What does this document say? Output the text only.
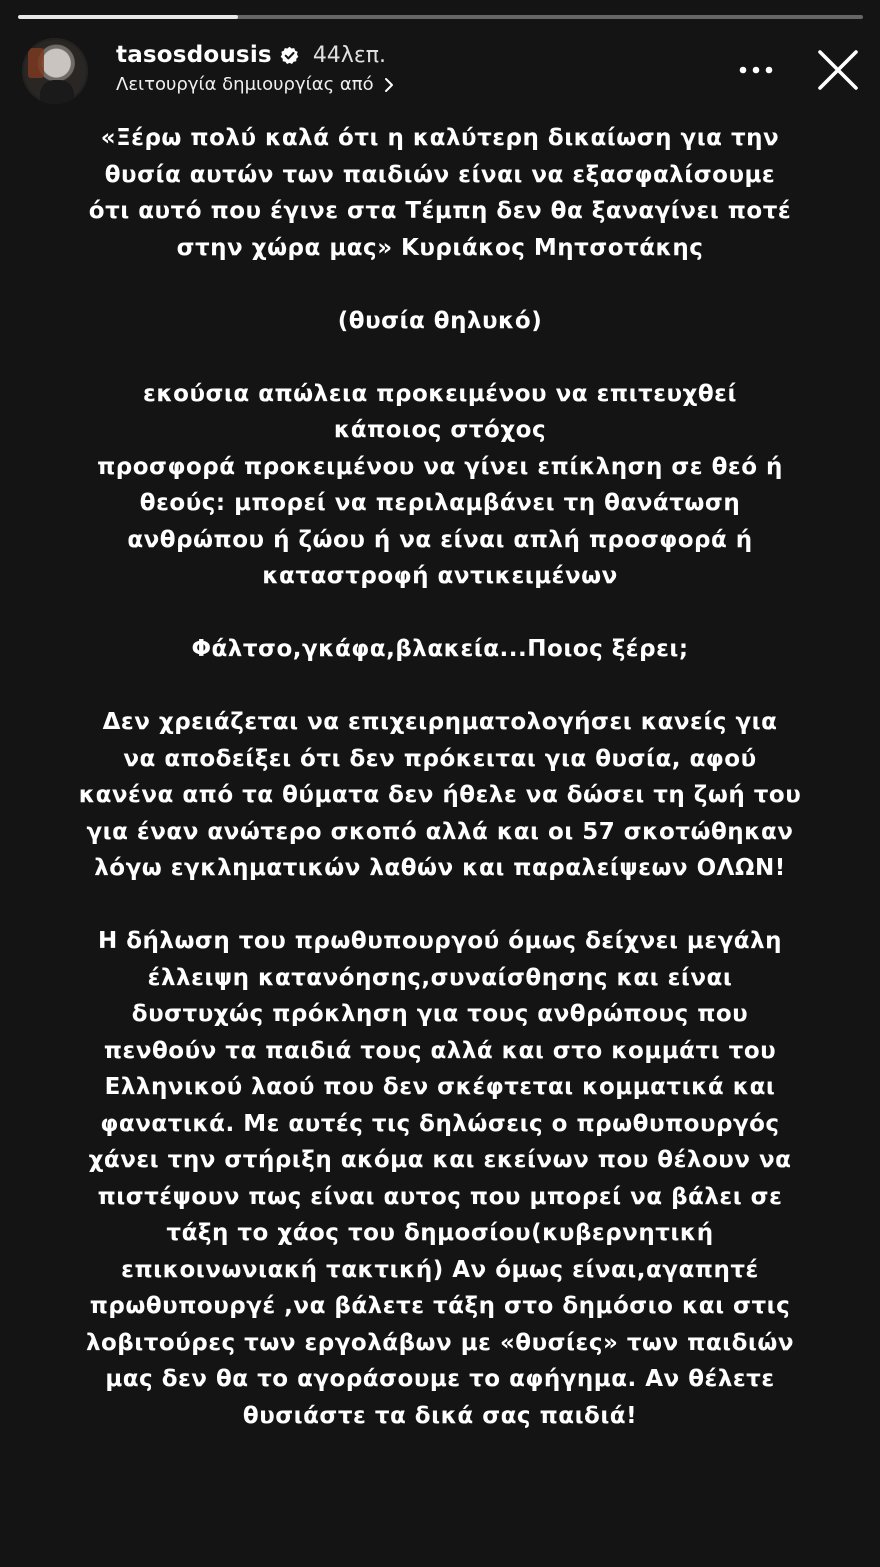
tasosdousis 44λεπ.
Λειτουργία δημιουργίας από

«Ξέρω πολύ καλά ότι η καλύτερη δικαίωση για την

θυσία αυτών των παιδιών είναι να εξασφαλίσουμε

ότι αυτό που έγινε στα Τέμπη δεν θα ξαναγίνει ποτέ

στην χώρα μας» Κυριάκος Μητσοτάκης

(θυσία θηλυκό)

εκούσια απώλεια προκειμένου να επιτευχθεί

κάποιος στόχος

προσφορά προκειμένου να γίνει επίκληση σε θεό ή

θεούς: μπορεί να περιλαμβάνει τη θανάτωση

ανθρώπου ή ζώου ή να είναι απλή προσφορά ή

καταστροφή αντικειμένων

Φάλτσο,γκάφα,βλακεία...Ποιος ξέρει;

Δεν χρειάζεται να επιχειρηματολογήσει κανείς για

να αποδείξει ότι δεν πρόκειται για θυσία, αφού

κανένα από τα θύματα δεν ήθελε να δώσει τη ζωή του

για έναν ανώτερο σκοπό αλλά και οι 57 σκοτώθηκαν

λόγω εγκληματικών λαθών και παραλείψεων ΟΛΩΝ!

Η δήλωση του πρωθυπουργού όμως δείχνει μεγάλη

έλλειψη κατανόησης,συναίσθησης και είναι

δυστυχώς πρόκληση για τους ανθρώπους που

πενθούν τα παιδιά τους αλλά και στο κομμάτι του

Ελληνικού λαού που δεν σκέφτεται κομματικά και

φανατικά. Με αυτές τις δηλώσεις ο πρωθυπουργός

χάνει την στήριξη ακόμα και εκείνων που θέλουν να

πιστέψουν πως είναι αυτος που μπορεί να βάλει σε

τάξη το χάος του δημοσίου(κυβερνητική

επικοινωνιακή τακτική) Αν όμως είναι,αγαπητέ

πρωθυπουργέ ,να βάλετε τάξη στο δημόσιο και στις

λοβιτούρες των εργολάβων με «θυσίες» των παιδιών

μας δεν θα το αγοράσουμε το αφήγημα. Αν θέλετε

θυσιάστε τα δικά σας παιδιά!
